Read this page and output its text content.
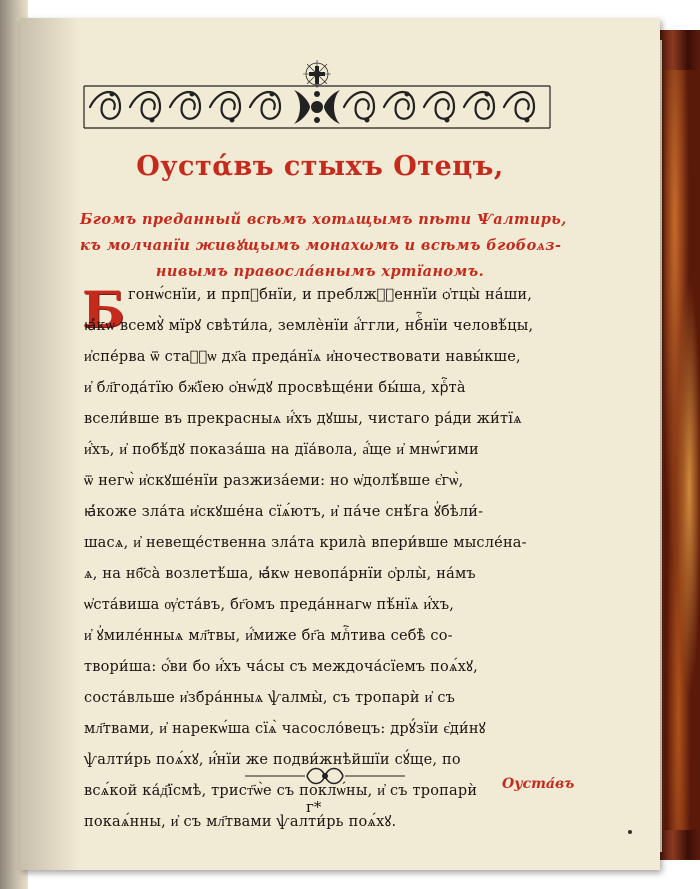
Оустάвъ стыхъ Отецъ,
Бгомъ преданный всѣмъ хотѧщымъ пѣти Ѱалтирь,
къ молчанїи живꙋщымъ монахωмъ и всѣмъ бгобоѧз-
нивымъ правосла́внымъ хртїаномъ.
Б гонѡ́снїи, и прпⷣбнїи, и преблжⷭ҇еннїи ѻ҆тцы̀ на́ши,
ꙗ҆́кѡ всемꙋ̀ мїрꙋ свѣти́ла, землѐнїи а҆́ггли, нбⷭ҇нїи человѣ́цы,
и҆спе́рва ѿ стаⷢ҇ѡ дх҃а преда́нїѧ и҆ночествовати навы́кше,
и҆ бл҃года́тїю бж҃їею ѻ҆нѡ́дꙋ просвѣще́ни бы́ша, хрⷭ҇та̀
всели́вше въ прекрасныѧ и҆́хъ дꙋшы, чистаго ра́ди жи́тїѧ
и҆́хъ, и҆ побѣ́дꙋ показа́ша на дїа́вола, а҆́ще и҆ мнѡ́гими
ѿ негѡ̀ и҆скꙋше́нїи разжиза́еми: но ѡ҆долѣ́вше є҆гѡ̀,
ꙗ҆́коже зла́та и҆скꙋше́на сїѧ́ютъ, и҆ па́че снѣ́га ꙋ҆бѣли́-
шасѧ, и҆ невеще́ственна зла́та крила̀ впери́вше мысле́на-
ѧ, на нб҃са̀ возлетѣ́ша, ꙗ҆́кѡ невопа́рнїи ѻ҆рлы̀, на́мъ
ѡ҆ста́виша ѹ҆ста́въ, бг҃омъ преда́ннагѡ пѣ́нїѧ и҆́хъ,
и҆ ꙋ҆миле́нныѧ мл҃твы, и҆́миже бг҃а млⷭ҇тива себѣ̀ со-
твори́ша: ѻ҆́ви бо и҆́хъ ча́сы съ междоча́сїемъ поѧ́хꙋ,
соста́вльше и҆збра́нныѧ ѱалмы̀, съ тропарѝ и҆ съ
мл҃твами, и҆ нарекѡ́ша сїѧ̀ часосло́вецъ: дрꙋ́зїи є҆ди́нꙋ
ѱалти́рь поѧ́хꙋ, и҆́нїи же подви́жнѣйшїи сꙋ́ще, по
всѧ́кой ка́д҃їсмѣ, трист҃ѡ̀е съ поклѡ́ны, и҆ съ тропарѝ
покаѧ́нны, и҆ съ мл҃твами ѱалти́рь поѧ́хꙋ.
г*
Оуста́въ
